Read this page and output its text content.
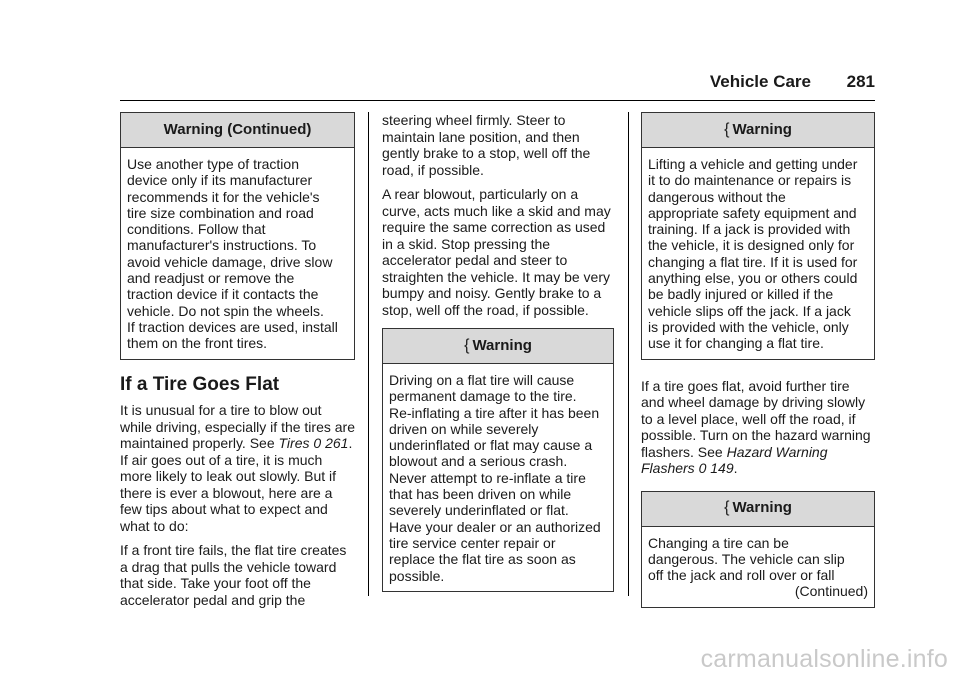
Vehicle Care 281
Warning (Continued)

Use another type of traction

device only if its manufacturer

recommends it for the vehicle's

tire size combination and road

conditions. Follow that

manufacturer's instructions. To

avoid vehicle damage, drive slow

and readjust or remove the

traction device if it contacts the

vehicle. Do not spin the wheels.

If traction devices are used, install

them on the front tires.

If a Tire Goes Flat

It is unusual for a tire to blow out while driving, especially if the tires are maintained properly. See Tires 0 261. If air goes out of a tire, it is much more likely to leak out slowly. But if there is ever a blowout, here are a few tips about what to expect and what to do:

If a front tire fails, the flat tire creates a drag that pulls the vehicle toward that side. Take your foot off the accelerator pedal and grip the

steering wheel firmly. Steer to maintain lane position, and then gently brake to a stop, well off the road, if possible.

A rear blowout, particularly on a curve, acts much like a skid and may require the same correction as used in a skid. Stop pressing the accelerator pedal and steer to straighten the vehicle. It may be very bumpy and noisy. Gently brake to a stop, well off the road, if possible.

{ Warning

Driving on a flat tire will cause

permanent damage to the tire.

Re-inflating a tire after it has been

driven on while severely

underinflated or flat may cause a

blowout and a serious crash.

Never attempt to re-inflate a tire

that has been driven on while

severely underinflated or flat.

Have your dealer or an authorized

tire service center repair or

replace the flat tire as soon as

possible.

{ Warning

Lifting a vehicle and getting under

it to do maintenance or repairs is

dangerous without the

appropriate safety equipment and

training. If a jack is provided with

the vehicle, it is designed only for

changing a flat tire. If it is used for

anything else, you or others could

be badly injured or killed if the

vehicle slips off the jack. If a jack

is provided with the vehicle, only

use it for changing a flat tire.

If a tire goes flat, avoid further tire and wheel damage by driving slowly to a level place, well off the road, if possible. Turn on the hazard warning flashers. See Hazard Warning Flashers 0 149.

{ Warning

Changing a tire can be

dangerous. The vehicle can slip

off the jack and roll over or fall

(Continued)

carmanualsonline.info
